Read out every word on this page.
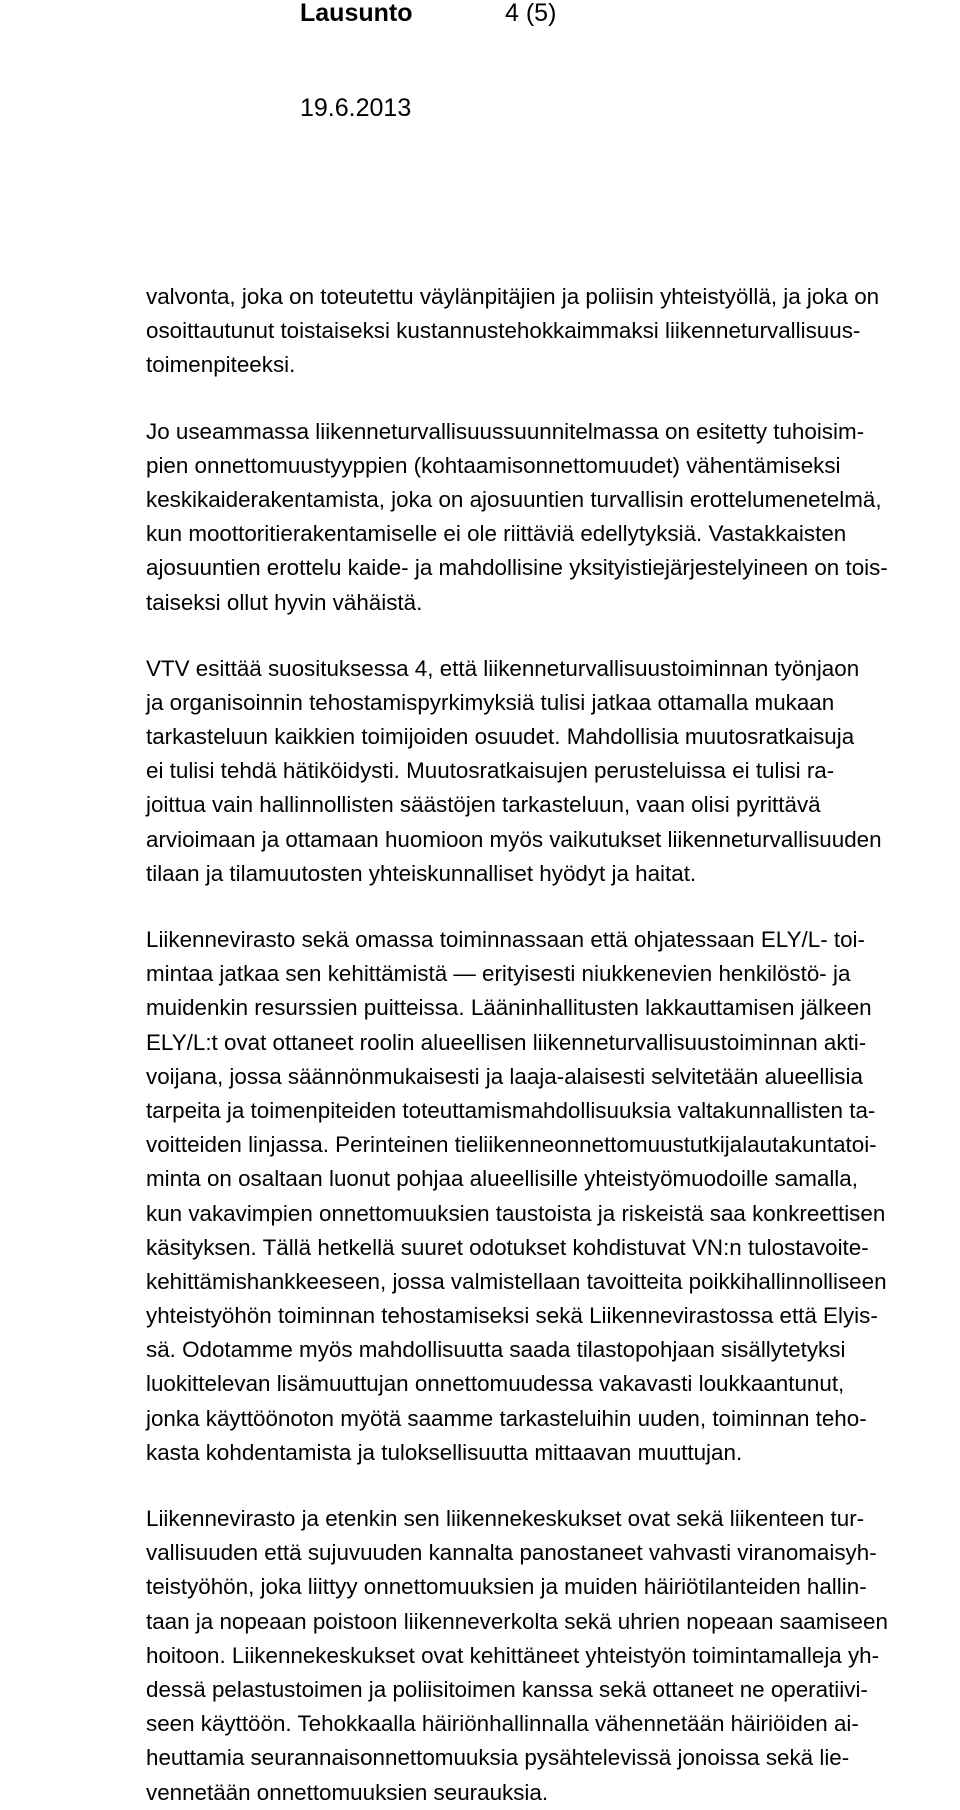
Lausunto	4 (5)
19.6.2013
valvonta, joka on toteutettu väylänpitäjien ja poliisin yhteistyöllä, ja joka on
osoittautunut toistaiseksi kustannustehokkaimmaksi liikenneturvallisuus-
toimenpiteeksi.
Jo useammassa liikenneturvallisuussuunnitelmassa on esitetty tuhoisim-
pien onnettomuustyyppien (kohtaamisonnettomuudet) vähentämiseksi
keskikaiderakentamista, joka on ajosuuntien turvallisin erottelumenetelmä,
kun moottoritierakentamiselle ei ole riittäviä edellytyksiä. Vastakkaisten
ajosuuntien erottelu kaide- ja mahdollisine yksityistiejärjestelyineen on tois-
taiseksi ollut hyvin vähäistä.
VTV esittää suosituksessa 4, että liikenneturvallisuustoiminnan työnjaon
ja organisoinnin tehostamispyrkimyksiä tulisi jatkaa ottamalla mukaan
tarkasteluun kaikkien toimijoiden osuudet. Mahdollisia muutosratkaisuja
ei tulisi tehdä hätiköidysti. Muutosratkaisujen perusteluissa ei tulisi ra-
joittua vain hallinnollisten säästöjen tarkasteluun, vaan olisi pyrittävä
arvioimaan ja ottamaan huomioon myös vaikutukset liikenneturvallisuuden
tilaan ja tilamuutosten yhteiskunnalliset hyödyt ja haitat.
Liikennevirasto sekä omassa toiminnassaan että ohjatessaan ELY/L- toi-
mintaa jatkaa sen kehittämistä — erityisesti niukkenevien henkilöstö- ja
muidenkin resurssien puitteissa. Lääninhallitusten lakkauttamisen jälkeen
ELY/L:t ovat ottaneet roolin alueellisen liikenneturvallisuustoiminnan akti-
voijana, jossa säännönmukaisesti ja laaja-alaisesti selvitetään alueellisia
tarpeita ja toimenpiteiden toteuttamismahdollisuuksia valtakunnallisten ta-
voitteiden linjassa. Perinteinen tieliikenneonnettomuustutkijalautakuntatoi-
minta on osaltaan luonut pohjaa alueellisille yhteistyömuodoille samalla,
kun vakavimpien onnettomuuksien taustoista ja riskeistä saa konkreettisen
käsityksen. Tällä hetkellä suuret odotukset kohdistuvat VN:n tulostavoite-
kehittämishankkeeseen, jossa valmistellaan tavoitteita poikkihallinnolliseen
yhteistyöhön toiminnan tehostamiseksi sekä Liikennevirastossa että Elyis-
sä. Odotamme myös mahdollisuutta saada tilastopohjaan sisällytetyksi
luokittelevan lisämuuttujan onnettomuudessa vakavasti loukkaantunut,
jonka käyttöönoton myötä saamme tarkasteluihin uuden, toiminnan teho-
kasta kohdentamista ja tuloksellisuutta mittaavan muuttujan.
Liikennevirasto ja etenkin sen liikennekeskukset ovat sekä liikenteen tur-
vallisuuden että sujuvuuden kannalta panostaneet vahvasti viranomaisyh-
teistyöhön, joka liittyy onnettomuuksien ja muiden häiriötilanteiden hallin-
taan ja nopeaan poistoon liikenneverkolta sekä uhrien nopeaan saamiseen
hoitoon. Liikennekeskukset ovat kehittäneet yhteistyön toimintamalleja yh-
dessä pelastustoimen ja poliisitoimen kanssa sekä ottaneet ne operatiivi-
seen käyttöön. Tehokkaalla häiriönhallinnalla vähennetään häiriöiden ai-
heuttamia seurannaisonnettomuuksia pysähtelevissä jonoissa sekä lie-
vennetään onnettomuuksien seurauksia.
